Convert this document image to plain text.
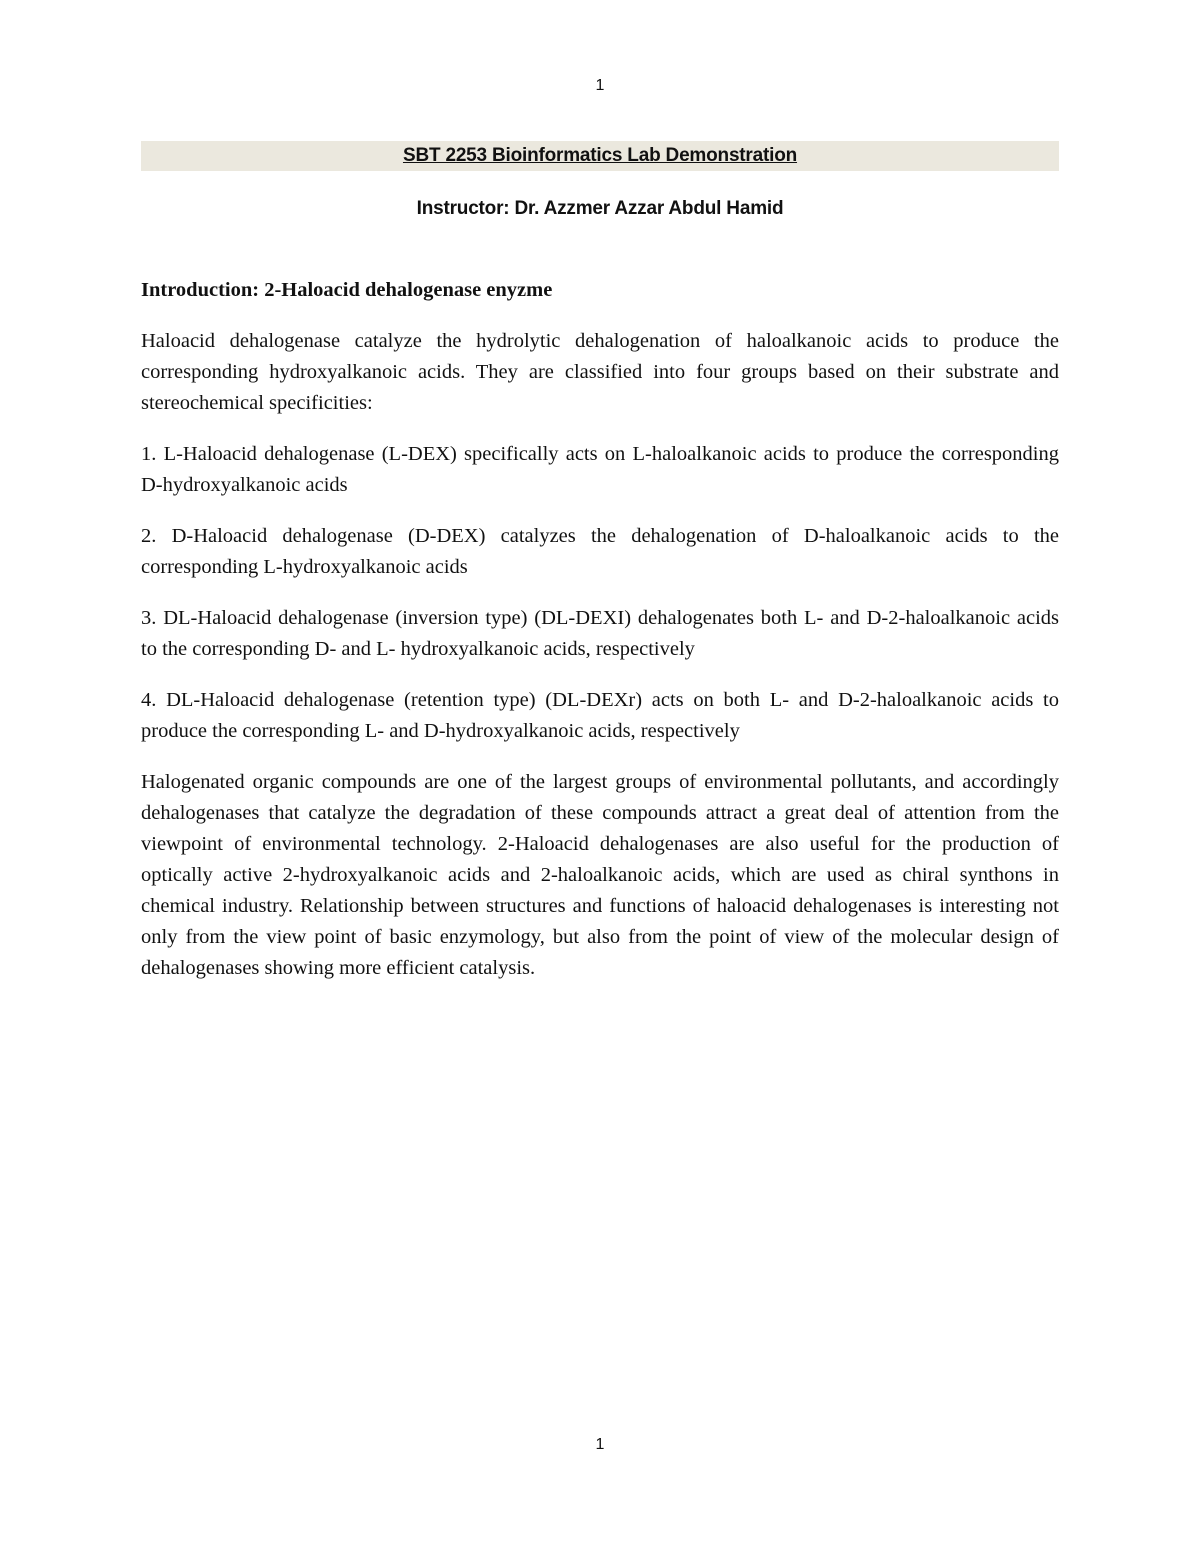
1
SBT 2253 Bioinformatics Lab Demonstration
Instructor: Dr. Azzmer Azzar Abdul Hamid

Introduction: 2-Haloacid dehalogenase enyzme

Haloacid dehalogenase catalyze the hydrolytic dehalogenation of haloalkanoic acids to produce the corresponding hydroxyalkanoic acids. They are classified into four groups based on their substrate and stereochemical specificities:

1. L-Haloacid dehalogenase (L-DEX) specifically acts on L-haloalkanoic acids to produce the corresponding D-hydroxyalkanoic acids

2. D-Haloacid dehalogenase (D-DEX) catalyzes the dehalogenation of D-haloalkanoic acids to the corresponding L-hydroxyalkanoic acids

3. DL-Haloacid dehalogenase (inversion type) (DL-DEXI) dehalogenates both L- and D-2-haloalkanoic acids to the corresponding D- and L- hydroxyalkanoic acids, respectively

4. DL-Haloacid dehalogenase (retention type) (DL-DEXr) acts on both L- and D-2-haloalkanoic acids to produce the corresponding L- and D-hydroxyalkanoic acids, respectively

Halogenated organic compounds are one of the largest groups of environmental pollutants, and accordingly dehalogenases that catalyze the degradation of these compounds attract a great deal of attention from the viewpoint of environmental technology. 2-Haloacid dehalogenases are also useful for the production of optically active 2-hydroxyalkanoic acids and 2-haloalkanoic acids, which are used as chiral synthons in chemical industry. Relationship between structures and functions of haloacid dehalogenases is interesting not only from the view point of basic enzymology, but also from the point of view of the molecular design of dehalogenases showing more efficient catalysis.

1
